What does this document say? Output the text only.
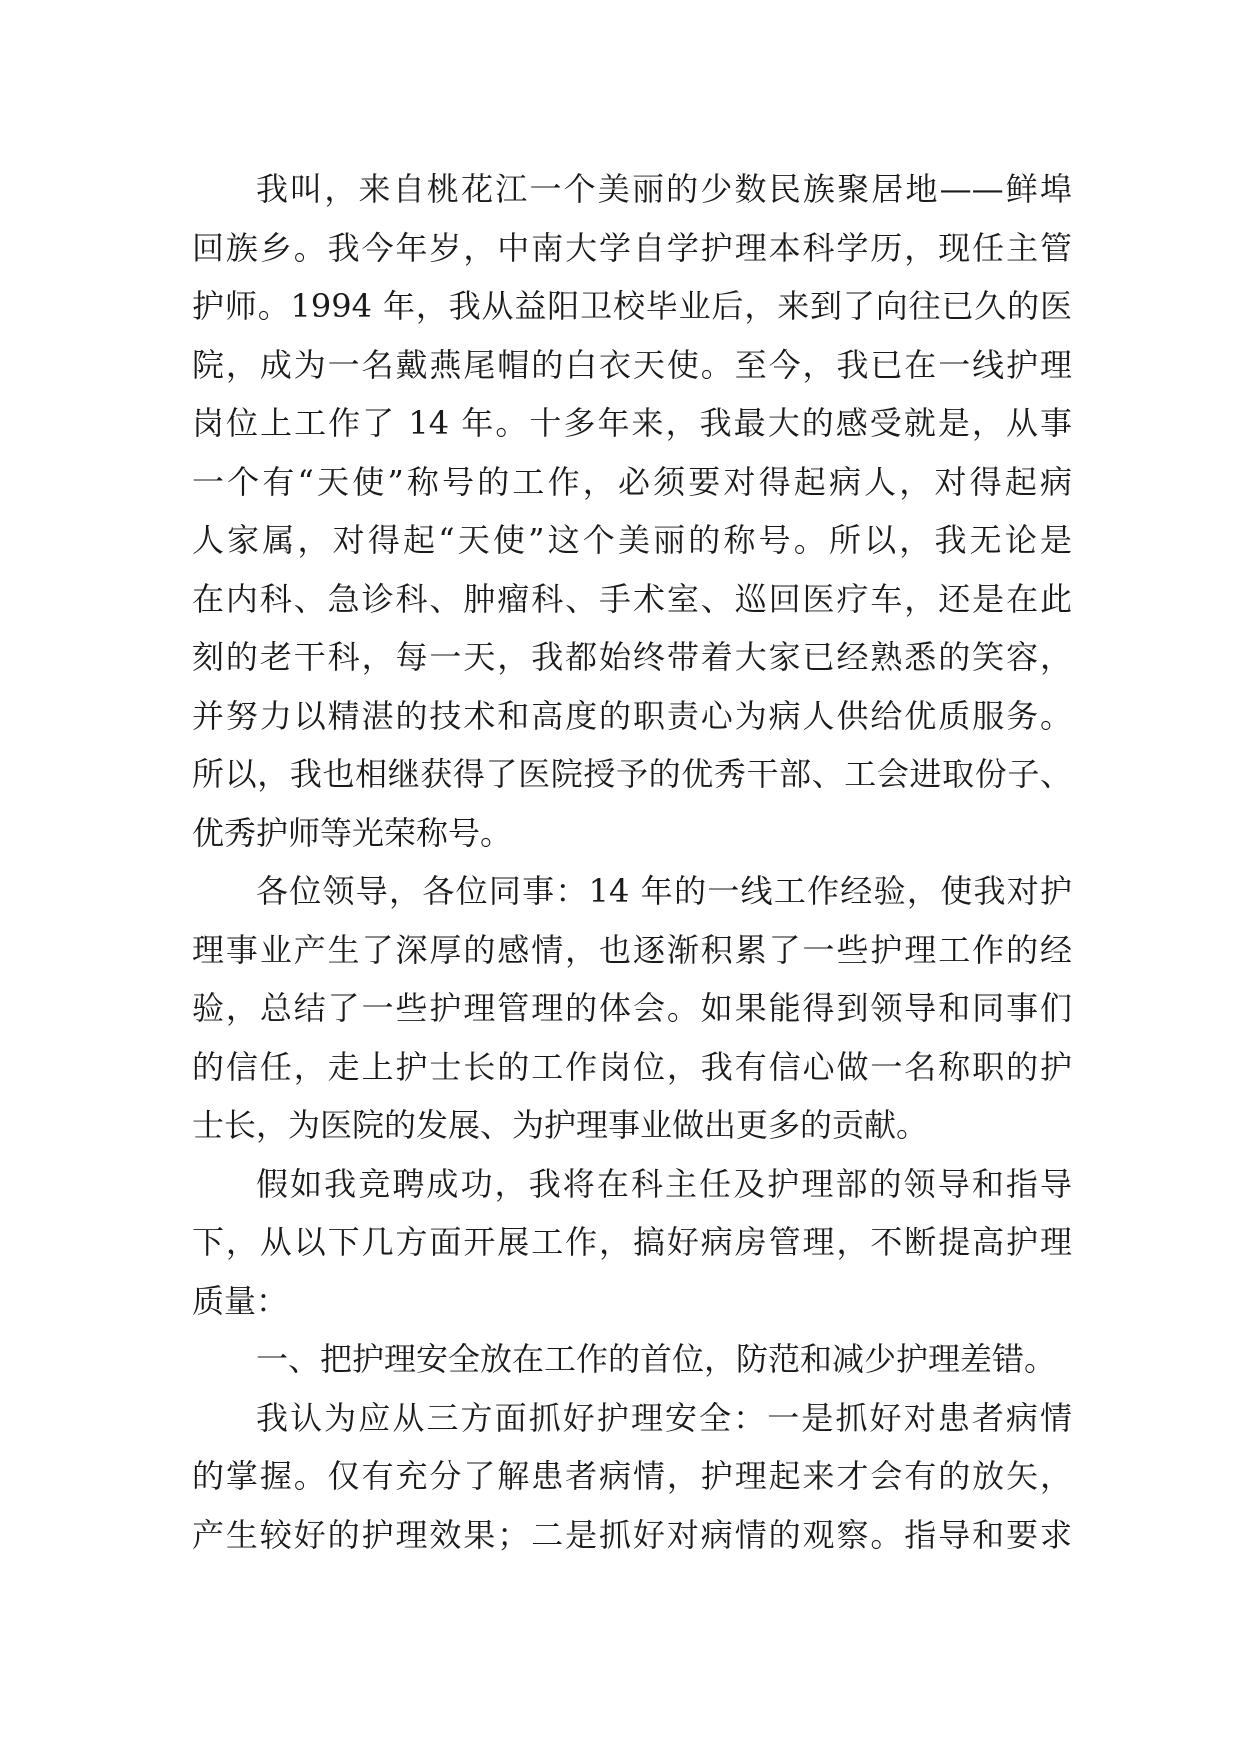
我叫，来自桃花江一个美丽的少数民族聚居地——鲜埠
回族乡。我今年岁，中南大学自学护理本科学历，现任主管
护师。1994 年，我从益阳卫校毕业后，来到了向往已久的医
院，成为一名戴燕尾帽的白衣天使。至今，我已在一线护理
岗位上工作了 14 年。十多年来，我最大的感受就是，从事
一个有“天使”称号的工作，必须要对得起病人，对得起病
人家属，对得起“天使”这个美丽的称号。所以，我无论是
在内科、急诊科、肿瘤科、手术室、巡回医疗车，还是在此
刻的老干科，每一天，我都始终带着大家已经熟悉的笑容，
并努力以精湛的技术和高度的职责心为病人供给优质服务。
所以，我也相继获得了医院授予的优秀干部、工会进取份子、
优秀护师等光荣称号。
各位领导，各位同事：14 年的一线工作经验，使我对护
理事业产生了深厚的感情，也逐渐积累了一些护理工作的经
验，总结了一些护理管理的体会。如果能得到领导和同事们
的信任，走上护士长的工作岗位，我有信心做一名称职的护
士长，为医院的发展、为护理事业做出更多的贡献。
假如我竞聘成功，我将在科主任及护理部的领导和指导
下，从以下几方面开展工作，搞好病房管理，不断提高护理
质量：
一、把护理安全放在工作的首位，防范和减少护理差错。
我认为应从三方面抓好护理安全：一是抓好对患者病情
的掌握。仅有充分了解患者病情，护理起来才会有的放矢，
产生较好的护理效果；二是抓好对病情的观察。指导和要求
